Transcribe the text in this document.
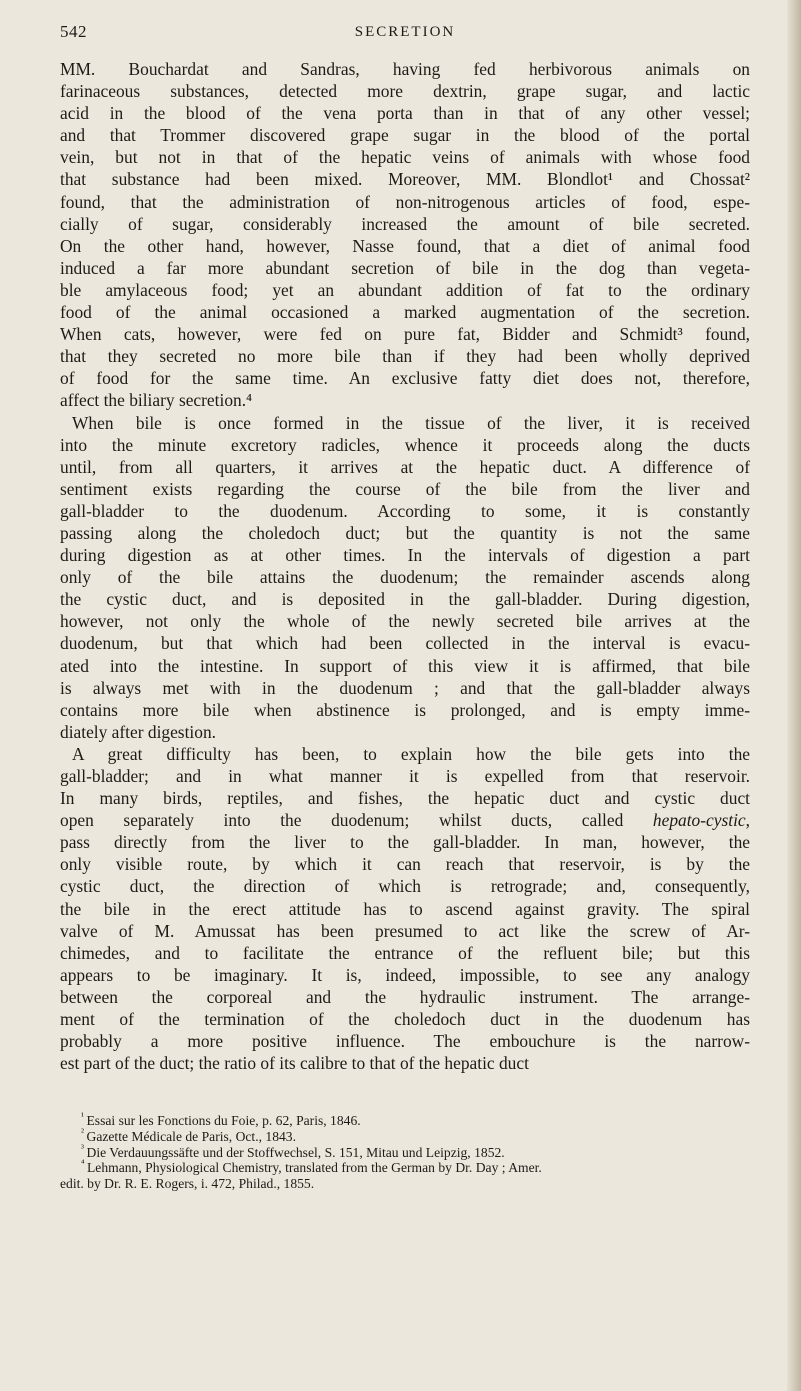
542	SECRETION
MM. Bouchardat and Sandras, having fed herbivorous animals on
farinaceous substances, detected more dextrin, grape sugar, and lactic
acid in the blood of the vena porta than in that of any other vessel;
and that Trommer discovered grape sugar in the blood of the portal
vein, but not in that of the hepatic veins of animals with whose food
that substance had been mixed. Moreover, MM. Blondlot¹ and Chossat²
found, that the administration of non-nitrogenous articles of food, espe-
cially of sugar, considerably increased the amount of bile secreted.
On the other hand, however, Nasse found, that a diet of animal food
induced a far more abundant secretion of bile in the dog than vegeta-
ble amylaceous food; yet an abundant addition of fat to the ordinary
food of the animal occasioned a marked augmentation of the secretion.
When cats, however, were fed on pure fat, Bidder and Schmidt³ found,
that they secreted no more bile than if they had been wholly deprived
of food for the same time. An exclusive fatty diet does not, therefore,
affect the biliary secretion.⁴
When bile is once formed in the tissue of the liver, it is received
into the minute excretory radicles, whence it proceeds along the ducts
until, from all quarters, it arrives at the hepatic duct. A difference of
sentiment exists regarding the course of the bile from the liver and
gall-bladder to the duodenum. According to some, it is constantly
passing along the choledoch duct; but the quantity is not the same
during digestion as at other times. In the intervals of digestion a part
only of the bile attains the duodenum; the remainder ascends along
the cystic duct, and is deposited in the gall-bladder. During digestion,
however, not only the whole of the newly secreted bile arrives at the
duodenum, but that which had been collected in the interval is evacu-
ated into the intestine. In support of this view it is affirmed, that bile
is always met with in the duodenum ; and that the gall-bladder always
contains more bile when abstinence is prolonged, and is empty imme-
diately after digestion.
A great difficulty has been, to explain how the bile gets into the
gall-bladder; and in what manner it is expelled from that reservoir.
In many birds, reptiles, and fishes, the hepatic duct and cystic duct
open separately into the duodenum; whilst ducts, called hepato-cystic,
pass directly from the liver to the gall-bladder. In man, however, the
only visible route, by which it can reach that reservoir, is by the
cystic duct, the direction of which is retrograde; and, consequently,
the bile in the erect attitude has to ascend against gravity. The spiral
valve of M. Amussat has been presumed to act like the screw of Ar-
chimedes, and to facilitate the entrance of the refluent bile; but this
appears to be imaginary. It is, indeed, impossible, to see any analogy
between the corporeal and the hydraulic instrument. The arrange-
ment of the termination of the choledoch duct in the duodenum has
probably a more positive influence. The embouchure is the narrow-
est part of the duct; the ratio of its calibre to that of the hepatic duct
$^{^1}$ Essai sur les Fonctions du Foie, p. 62, Paris, 1846.
$^{^2}$ Gazette Médicale de Paris, Oct., 1843.
$^{^3}$ Die Verdauungssäfte und der Stoffwechsel, S. 151, Mitau und Leipzig, 1852.
$^{^4}$ Lehmann, Physiological Chemistry, translated from the German by Dr. Day ; Amer.
edit. by Dr. R. E. Rogers, i. 472, Philad., 1855.
